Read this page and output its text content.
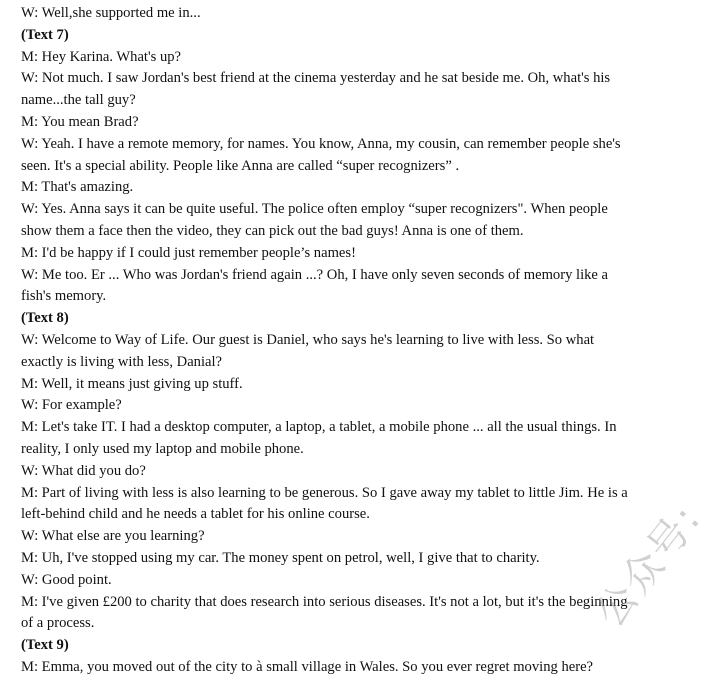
W: Well,she supported me in...

(Text 7)

M: Hey Karina. What's up?

W: Not much. I saw Jordan's best friend at the cinema yesterday and he sat beside me. Oh, what's his

name...the tall guy?

M: You mean Brad?

W: Yeah. I have a remote memory, for names. You know, Anna, my cousin, can remember people she's

seen. It's a special ability. People like Anna are called “super recognizers” .

M: That's amazing.

W: Yes. Anna says it can be quite useful. The police often employ “super recognizers". When people

show them a face then the video, they can pick out the bad guys! Anna is one of them.

M: I'd be happy if I could just remember people’s names!

W: Me too. Er ... Who was Jordan's friend again ...? Oh, I have only seven seconds of memory like a

fish's memory.

(Text 8)

W: Welcome to Way of Life. Our guest is Daniel, who says he's learning to live with less. So what

exactly is living with less, Danial?

M: Well, it means just giving up stuff.

W: For example?

M: Let's take IT. I had a desktop computer, a laptop, a tablet, a mobile phone ... all the usual things. In

reality, I only used my laptop and mobile phone.

W: What did you do?

M: Part of living with less is also learning to be generous. So I gave away my tablet to little Jim. He is a

left-behind child and he needs a tablet for his online course.

W: What else are you learning?

M: Uh, I've stopped using my car. The money spent on petrol, well, I give that to charity.

W: Good point.

M: I've given £200 to charity that does research into serious diseases. It's not a lot, but it's the beginning

of a process.

(Text 9)

M: Emma, you moved out of the city to à small village in Wales. So you ever regret moving here?

公众号:
